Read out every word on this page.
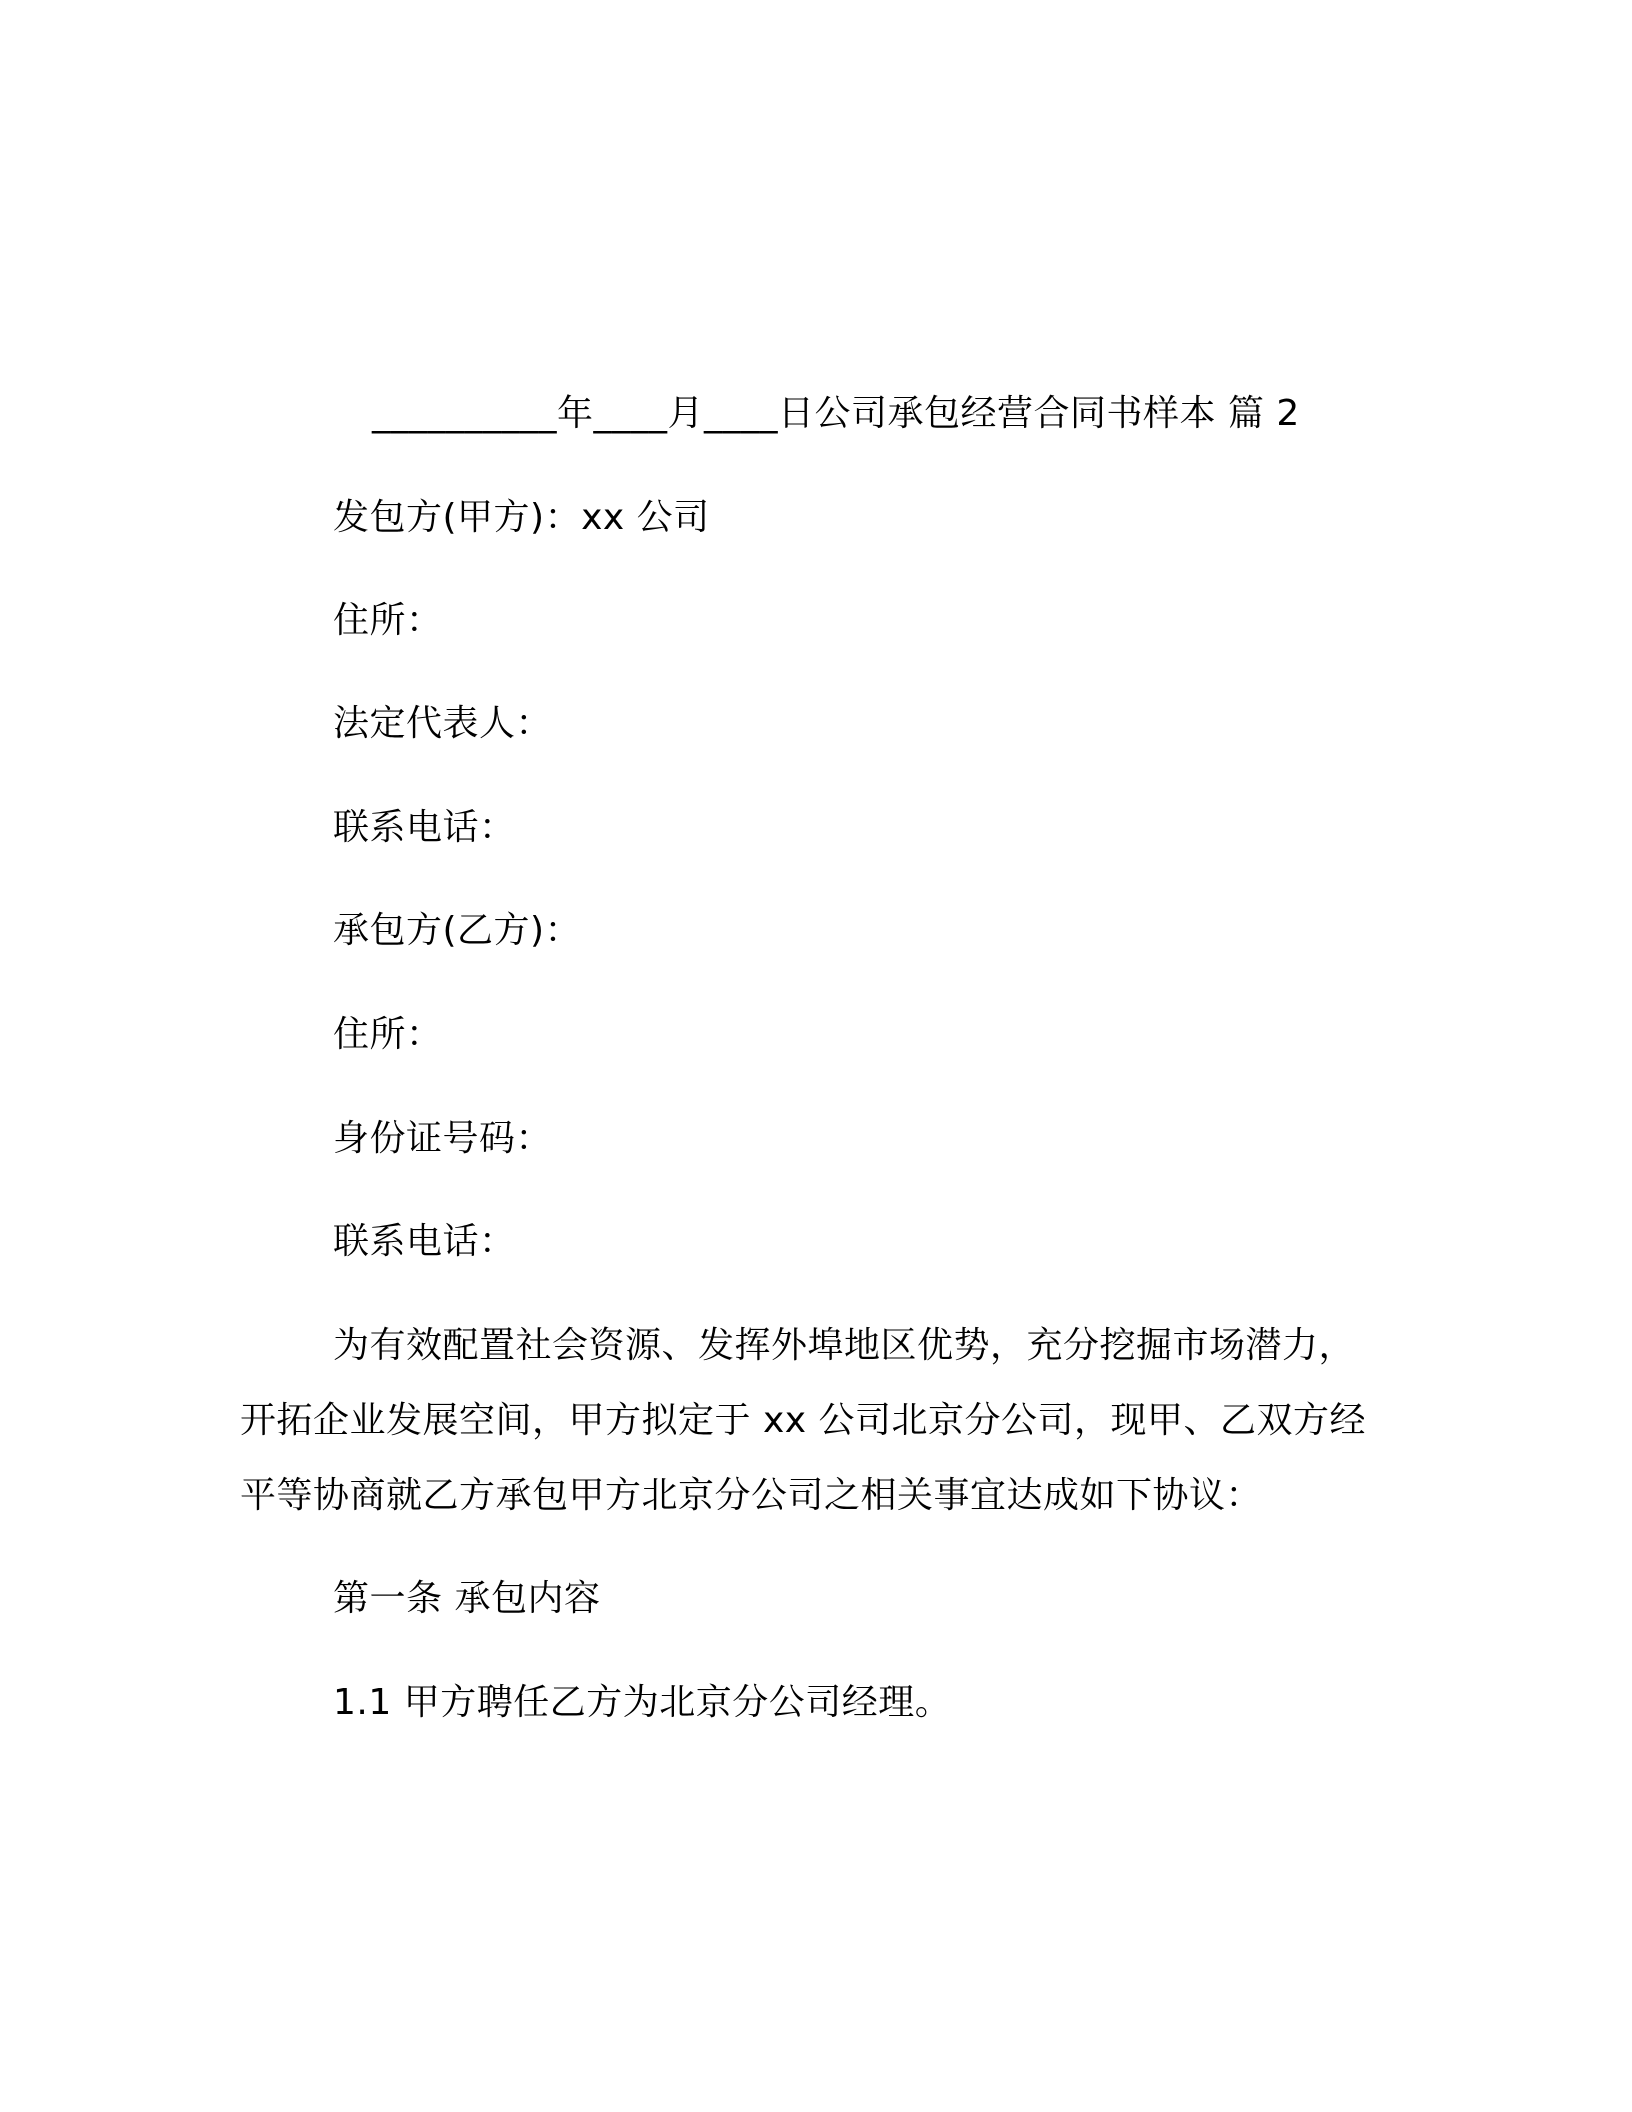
__________年____月____日公司承包经营合同书样本 篇 2
发包方(甲方)：xx 公司
住所：
法定代表人：
联系电话：
承包方(乙方)：
住所：
身份证号码：
联系电话：
为有效配置社会资源、发挥外埠地区优势，充分挖掘市场潜力，
开拓企业发展空间，甲方拟定于 xx 公司北京分公司，现甲、乙双方经
平等协商就乙方承包甲方北京分公司之相关事宜达成如下协议：
第一条 承包内容
1.1 甲方聘任乙方为北京分公司经理。
